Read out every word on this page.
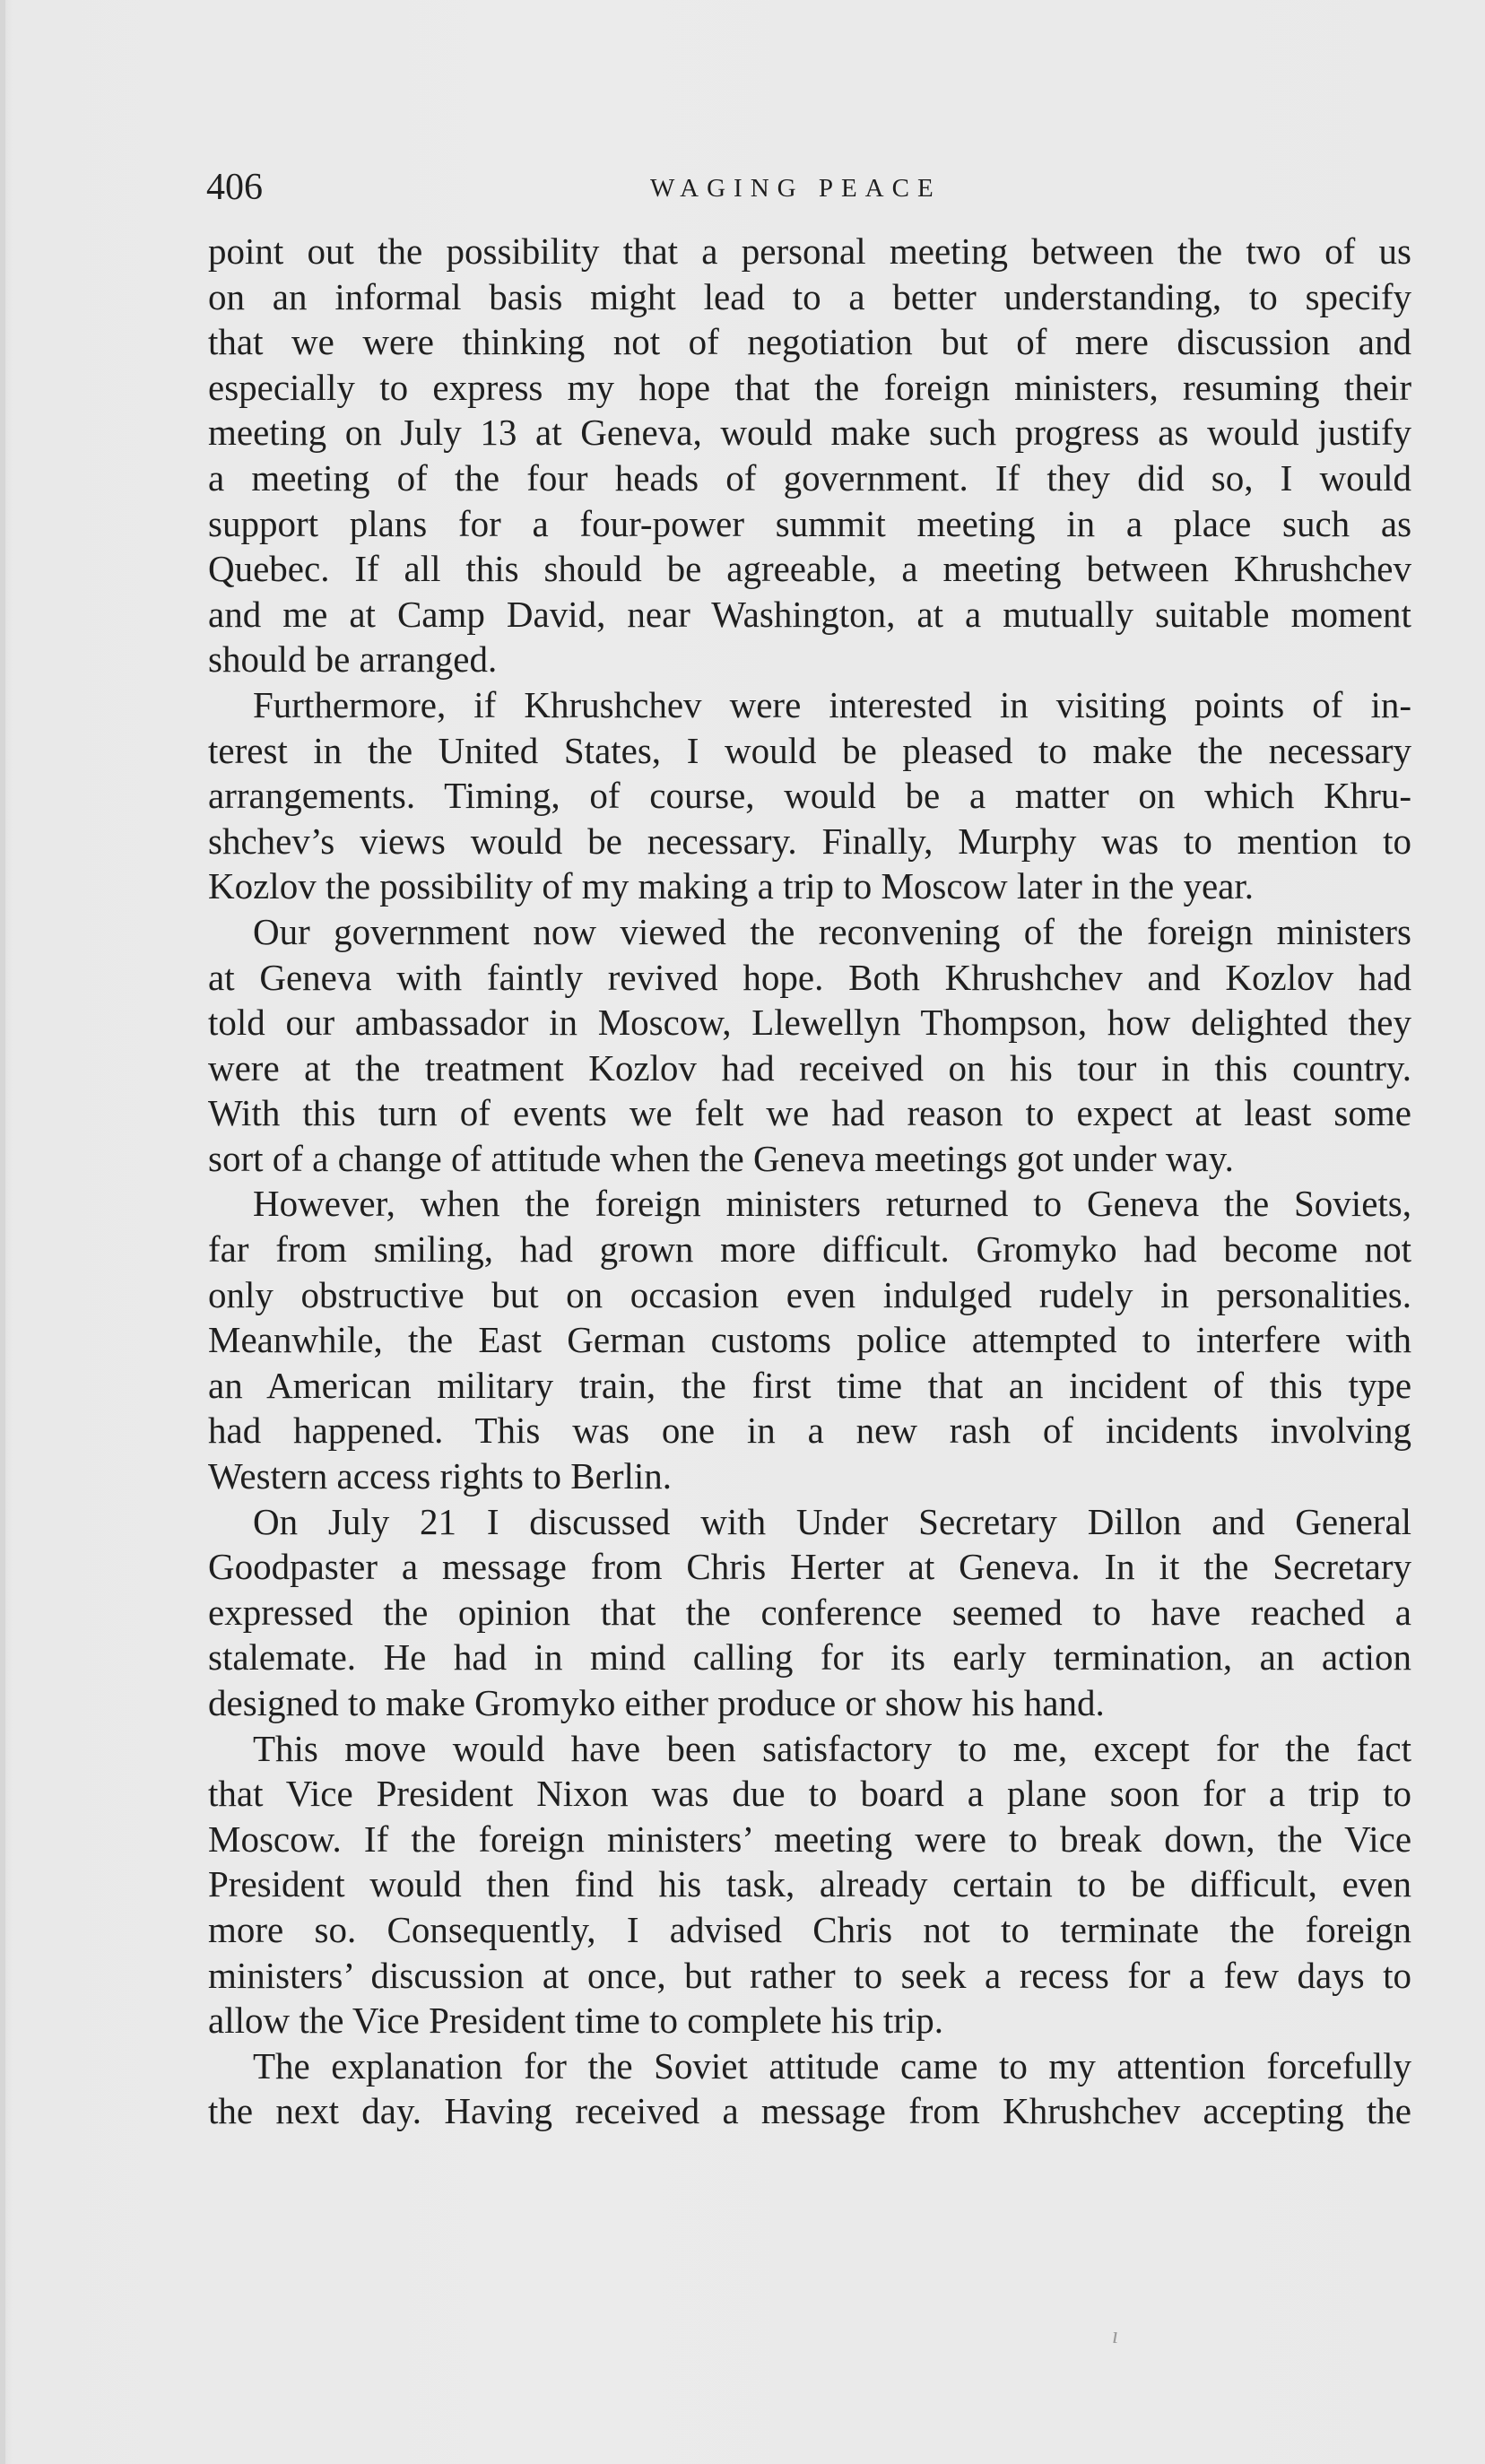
406	WAGING PEACE
point out the possibility that a personal meeting between the two of us
on an informal basis might lead to a better understanding, to specify
that we were thinking not of negotiation but of mere discussion and
especially to express my hope that the foreign ministers, resuming their
meeting on July 13 at Geneva, would make such progress as would justify
a meeting of the four heads of government. If they did so, I would
support plans for a four-power summit meeting in a place such as
Quebec. If all this should be agreeable, a meeting between Khrushchev
and me at Camp David, near Washington, at a mutually suitable moment
should be arranged.
Furthermore, if Khrushchev were interested in visiting points of in-
terest in the United States, I would be pleased to make the necessary
arrangements. Timing, of course, would be a matter on which Khru-
shchev’s views would be necessary. Finally, Murphy was to mention to
Kozlov the possibility of my making a trip to Moscow later in the year.
Our government now viewed the reconvening of the foreign ministers
at Geneva with faintly revived hope. Both Khrushchev and Kozlov had
told our ambassador in Moscow, Llewellyn Thompson, how delighted they
were at the treatment Kozlov had received on his tour in this country.
With this turn of events we felt we had reason to expect at least some
sort of a change of attitude when the Geneva meetings got under way.
However, when the foreign ministers returned to Geneva the Soviets,
far from smiling, had grown more difficult. Gromyko had become not
only obstructive but on occasion even indulged rudely in personalities.
Meanwhile, the East German customs police attempted to interfere with
an American military train, the first time that an incident of this type
had happened. This was one in a new rash of incidents involving
Western access rights to Berlin.
On July 21 I discussed with Under Secretary Dillon and General
Goodpaster a message from Chris Herter at Geneva. In it the Secretary
expressed the opinion that the conference seemed to have reached a
stalemate. He had in mind calling for its early termination, an action
designed to make Gromyko either produce or show his hand.
This move would have been satisfactory to me, except for the fact
that Vice President Nixon was due to board a plane soon for a trip to
Moscow. If the foreign ministers’ meeting were to break down, the Vice
President would then find his task, already certain to be difficult, even
more so. Consequently, I advised Chris not to terminate the foreign
ministers’ discussion at once, but rather to seek a recess for a few days to
allow the Vice President time to complete his trip.
The explanation for the Soviet attitude came to my attention forcefully
the next day. Having received a message from Khrushchev accepting the
ı
